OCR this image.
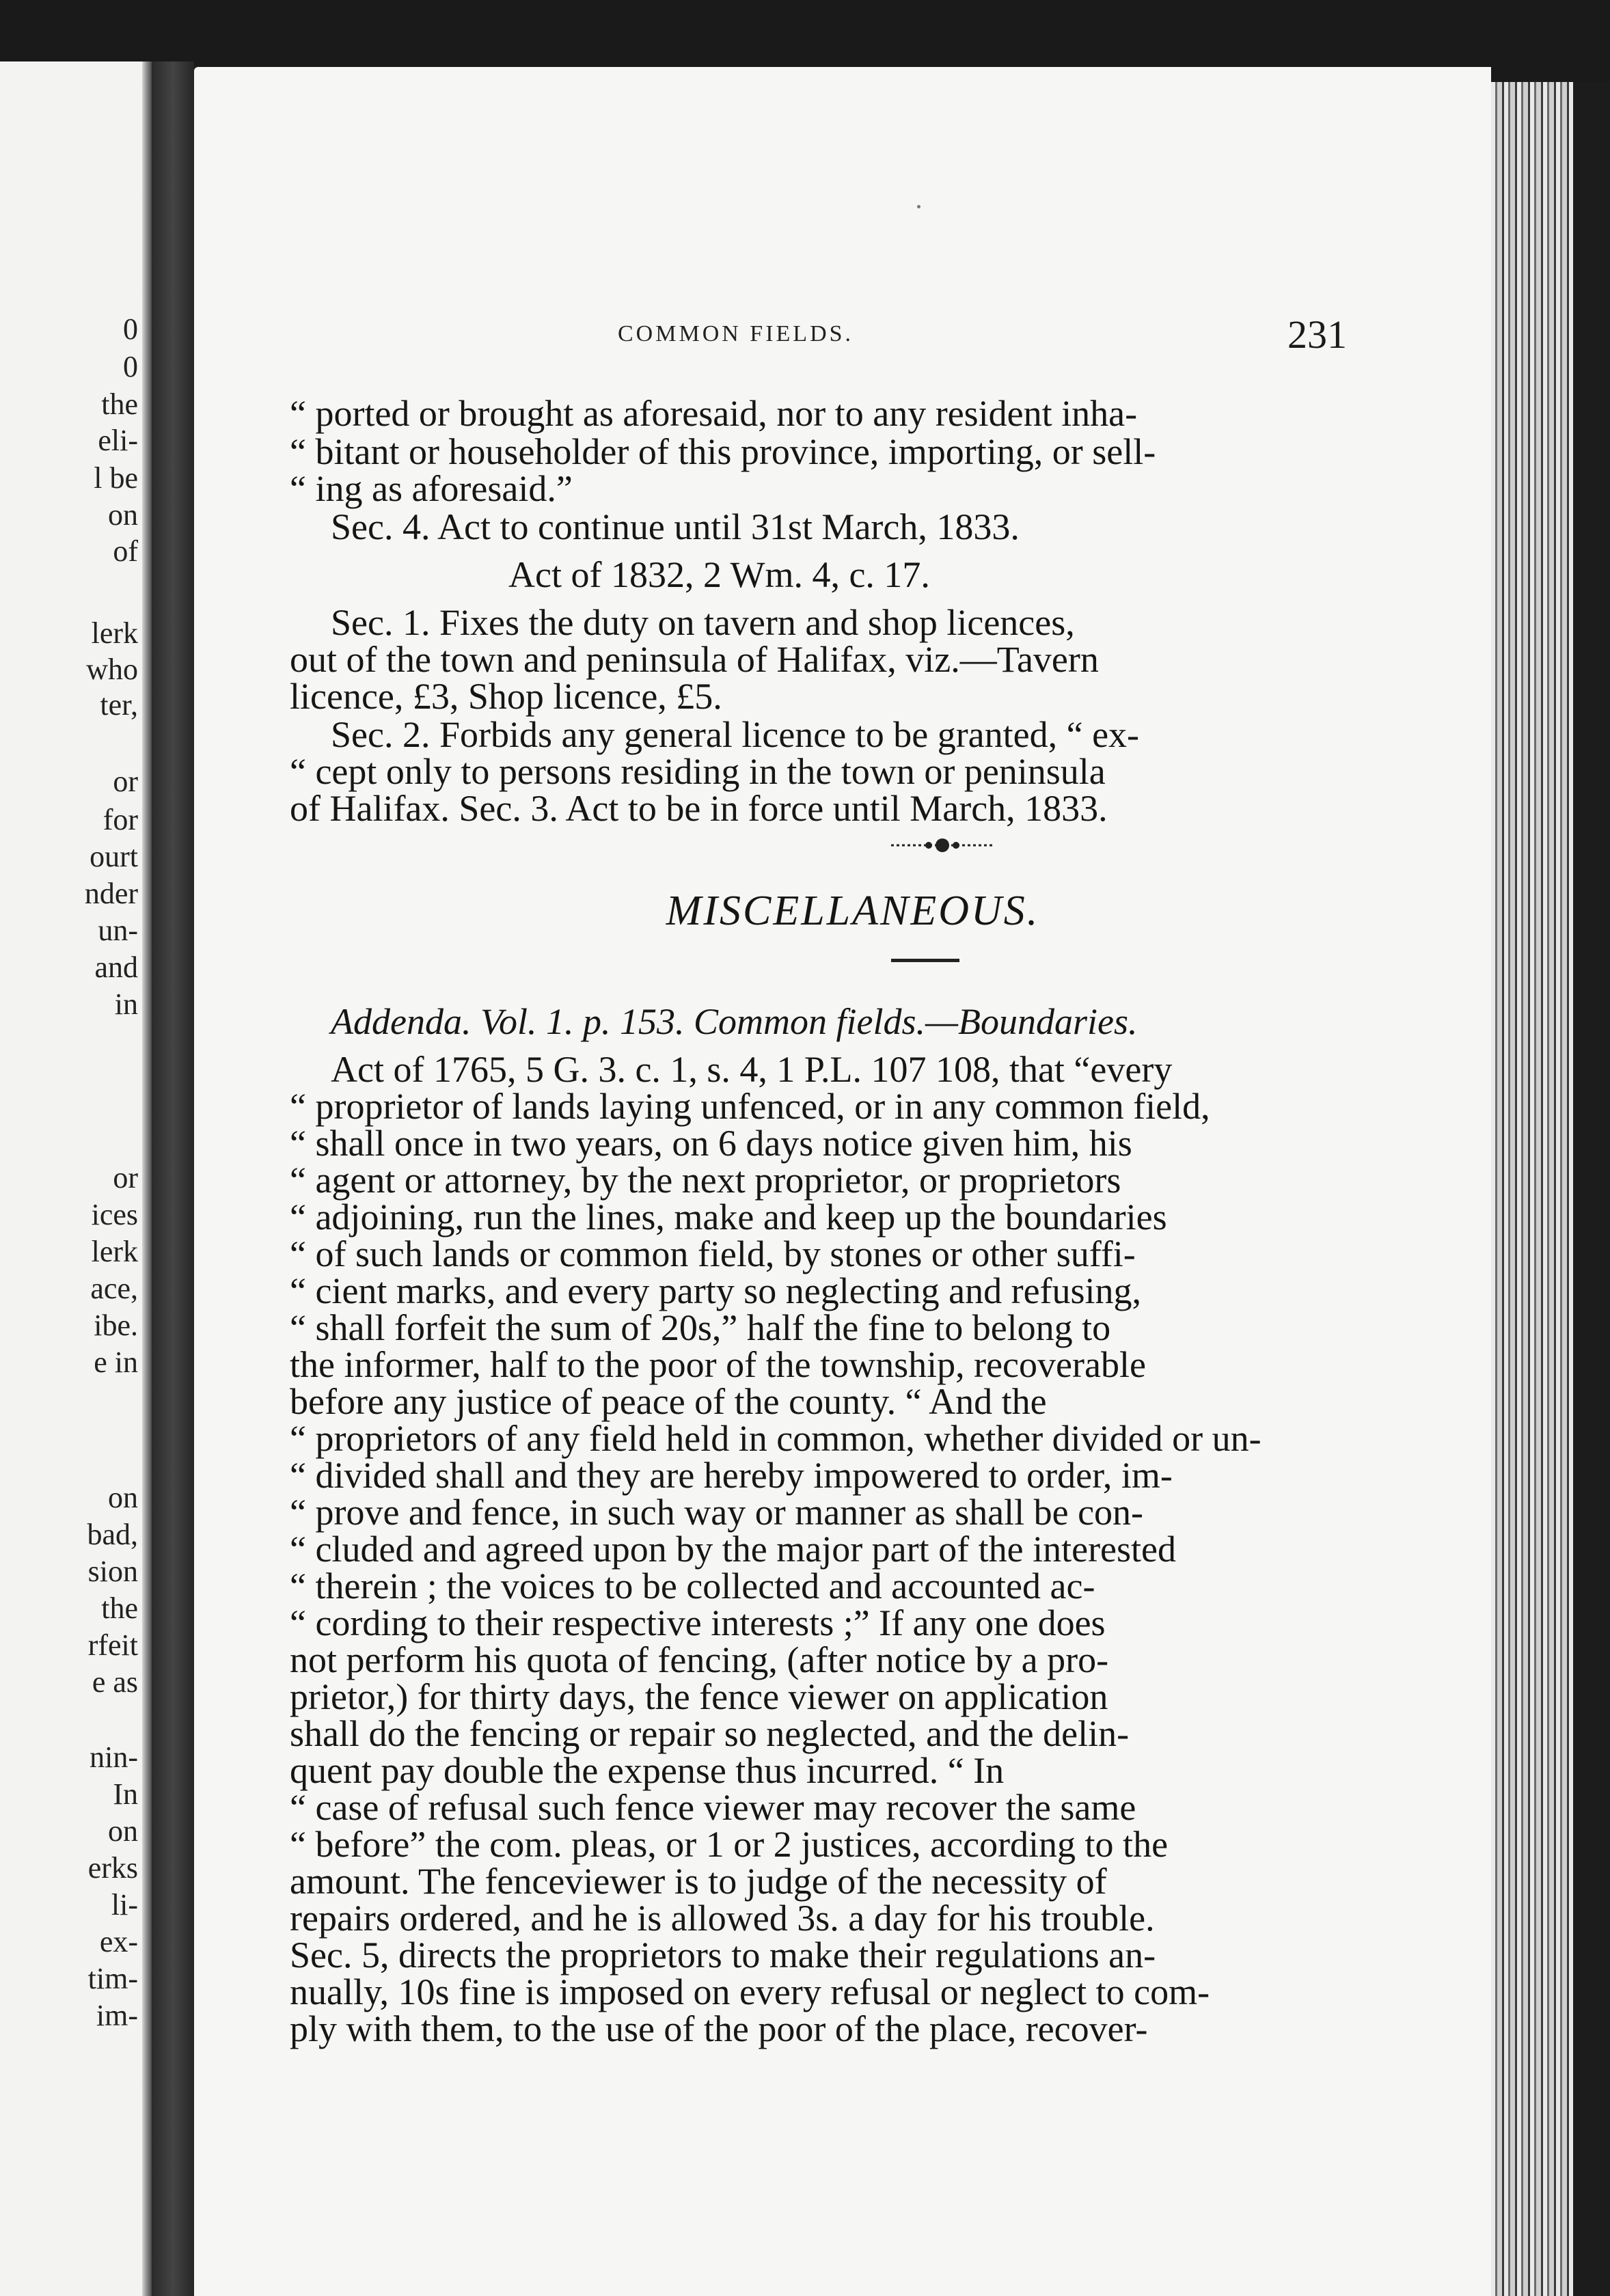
0
0
the
eli-
l be
on
of
lerk
who
ter,
or
for
ourt
nder
un-
and
in
or
ices
lerk
ace,
ibe.
e in
on
bad,
sion
the
rfeit
e as
nin-
In
on
erks
li-
ex-
tim-
im-
COMMON FIELDS.	231
“ ported or brought as aforesaid, nor to any resident inha-
“ bitant or householder of this province, importing, or sell-
“ ing as aforesaid.”
Sec. 4. Act to continue until 31st March, 1833.
Act of 1832, 2 Wm. 4, c. 17.
Sec. 1. Fixes the duty on tavern and shop licences,
out of the town and peninsula of Halifax, viz.—Tavern
licence, £3, Shop licence, £5.
Sec. 2. Forbids any general licence to be granted, “ ex-
“ cept only to persons residing in the town or peninsula
of Halifax. Sec. 3. Act to be in force until March, 1833.
MISCELLANEOUS.
Addenda. Vol. 1. p. 153. Common fields.—Boundaries.
Act of 1765, 5 G. 3. c. 1, s. 4, 1 P.L. 107 108, that “every
“ proprietor of lands laying unfenced, or in any common field,
“ shall once in two years, on 6 days notice given him, his
“ agent or attorney, by the next proprietor, or proprietors
“ adjoining, run the lines, make and keep up the boundaries
“ of such lands or common field, by stones or other suffi-
“ cient marks, and every party so neglecting and refusing,
“ shall forfeit the sum of 20s,” half the fine to belong to
the informer, half to the poor of the township, recoverable
before any justice of peace of the county. “ And the
“ proprietors of any field held in common, whether divided or un-
“ divided shall and they are hereby impowered to order, im-
“ prove and fence, in such way or manner as shall be con-
“ cluded and agreed upon by the major part of the interested
“ therein ; the voices to be collected and accounted ac-
“ cording to their respective interests ;” If any one does
not perform his quota of fencing, (after notice by a pro-
prietor,) for thirty days, the fence viewer on application
shall do the fencing or repair so neglected, and the delin-
quent pay double the expense thus incurred. “ In
“ case of refusal such fence viewer may recover the same
“ before” the com. pleas, or 1 or 2 justices, according to the
amount. The fenceviewer is to judge of the necessity of
repairs ordered, and he is allowed 3s. a day for his trouble.
Sec. 5, directs the proprietors to make their regulations an-
nually, 10s fine is imposed on every refusal or neglect to com-
ply with them, to the use of the poor of the place, recover-
